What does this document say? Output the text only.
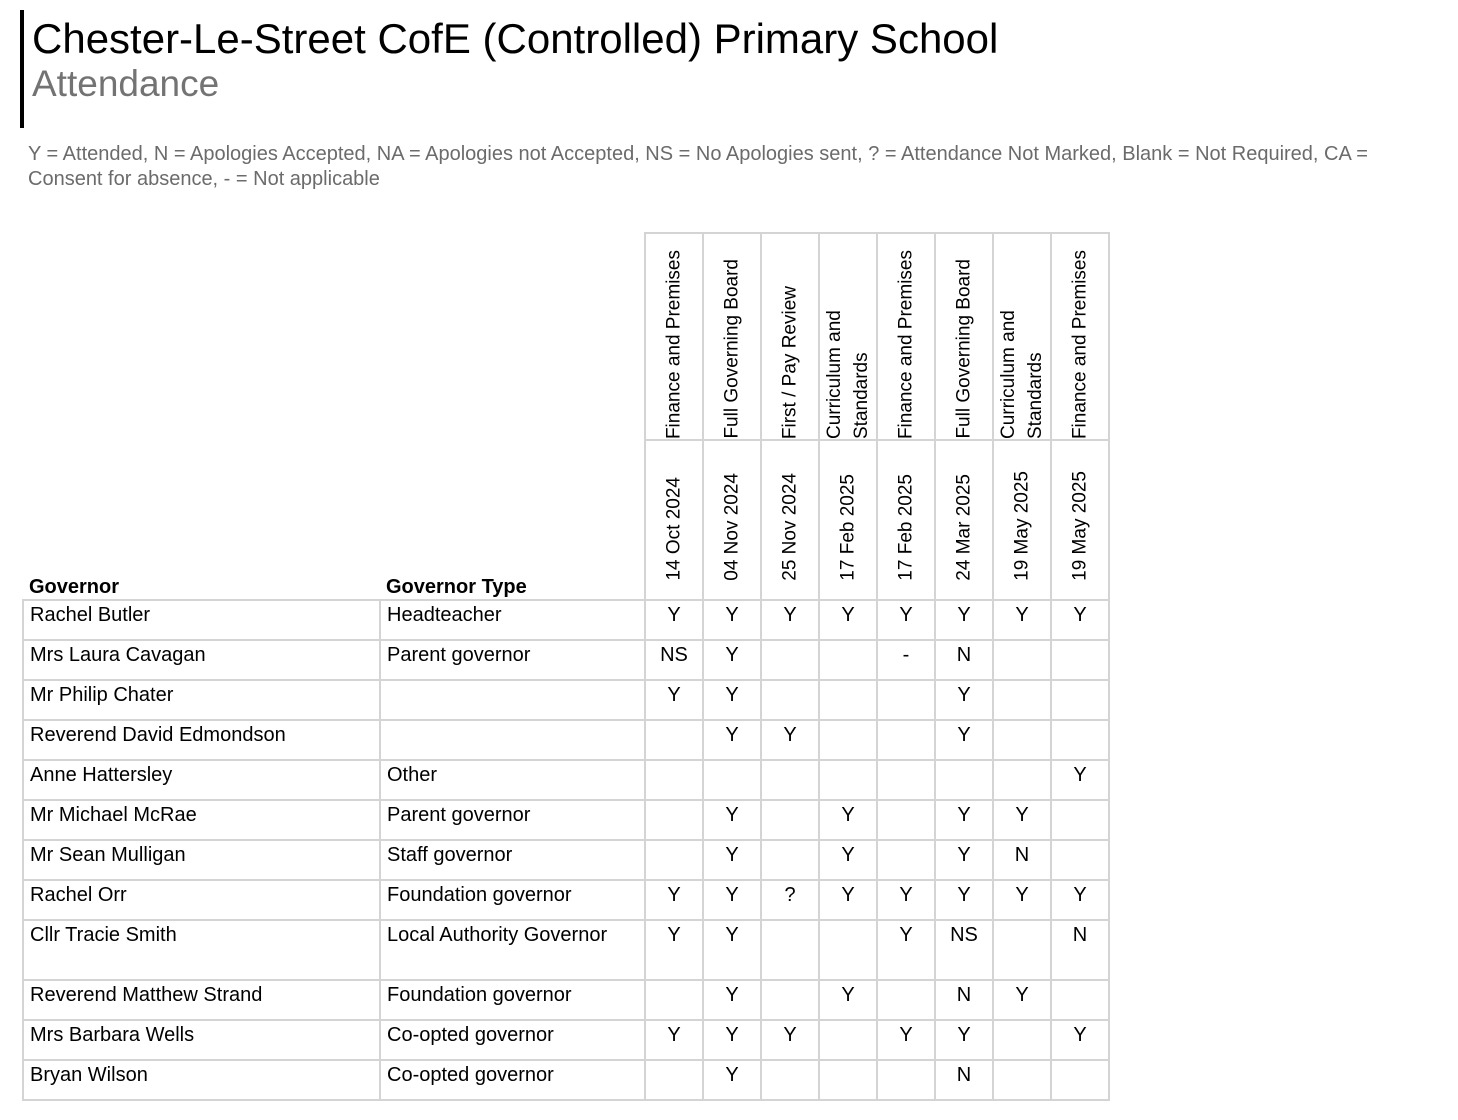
Chester-Le-Street CofE (Controlled) Primary School
Attendance
Y = Attended, N = Apologies Accepted, NA = Apologies not Accepted, NS = No Apologies sent, ? = Attendance Not Marked, Blank = Not Required, CA = Consent for absence, - = Not applicable

		Finance and Premises	Full Governing Board	First / Pay Review	Curriculum and Standards	Finance and Premises	Full Governing Board	Curriculum and Standards	Finance and Premises

Governor	Governor Type	14 Oct 2024	04 Nov 2024	25 Nov 2024	17 Feb 2025	17 Feb 2025	24 Mar 2025	19 May 2025	19 May 2025

Rachel Butler	Headteacher	Y	Y	Y	Y	Y	Y	Y	Y
Mrs Laura Cavagan	Parent governor	NS	Y			-	N		
Mr Philip Chater		Y	Y				Y		
Reverend David Edmondson			Y	Y			Y		
Anne Hattersley	Other								Y
Mr Michael McRae	Parent governor		Y		Y		Y	Y	
Mr Sean Mulligan	Staff governor		Y		Y		Y	N	
Rachel Orr	Foundation governor	Y	Y	?	Y	Y	Y	Y	Y
Cllr Tracie Smith	Local Authority Governor	Y	Y			Y	NS		N
Reverend Matthew Strand	Foundation governor		Y		Y		N	Y	
Mrs Barbara Wells	Co-opted governor	Y	Y	Y		Y	Y		Y
Bryan Wilson	Co-opted governor		Y				N		
